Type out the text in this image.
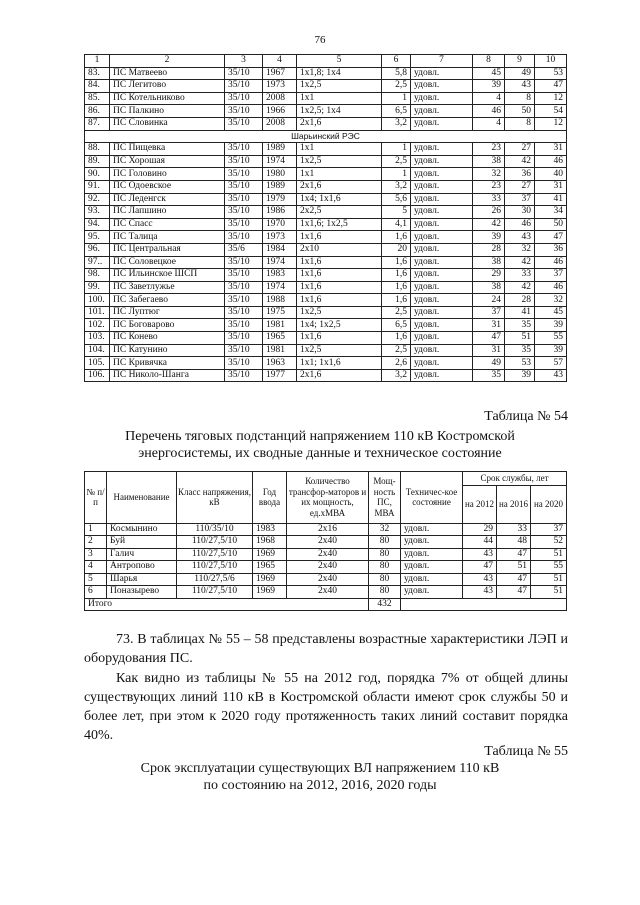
76
1	2	3	4	5	6	7	8	9	10
83.	ПС Матвеево	35/10	1967	1х1,8; 1х4	5,8	удовл.	45	49	53
84.	ПС Легитово	35/10	1973	1х2,5	2,5	удовл.	39	43	47
85.	ПС Котельниково	35/10	2008	1х1	1	удовл.	4	8	12
86.	ПС Палкино	35/10	1966	1х2,5; 1х4	6,5	удовл.	46	50	54
87.	ПС Словинка	35/10	2008	2х1,6	3,2	удовл.	4	8	12
Шарьинский РЭС									
88.	ПС Пищевка	35/10	1989	1х1	1	удовл.	23	27	31
89.	ПС Хорошая	35/10	1974	1х2,5	2,5	удовл.	38	42	46
90.	ПС Головино	35/10	1980	1х1	1	удовл.	32	36	40
91.	ПС Одоевское	35/10	1989	2х1,6	3,2	удовл.	23	27	31
92.	ПС Леденгск	35/10	1979	1х4; 1х1,6	5,6	удовл.	33	37	41
93.	ПС Лапшино	35/10	1986	2х2,5	5	удовл.	26	30	34
94.	ПС Спасс	35/10	1970	1х1,6; 1х2,5	4,1	удовл.	42	46	50
95.	ПС Талица	35/10	1973	1х1,6	1,6	удовл.	39	43	47
96.	ПС Центральная	35/6	1984	2х10	20	удовл.	28	32	36
97..	ПС Соловецкое	35/10	1974	1х1,6	1,6	удовл.	38	42	46
98.	ПС Ильинское ШСП	35/10	1983	1х1,6	1,6	удовл.	29	33	37
99.	ПС Заветлужье	35/10	1974	1х1,6	1,6	удовл.	38	42	46
100.	ПС Забегаево	35/10	1988	1х1,6	1,6	удовл.	24	28	32
101.	ПС Луптюг	35/10	1975	1х2,5	2,5	удовл.	37	41	45
102.	ПС Боговарово	35/10	1981	1х4; 1х2,5	6,5	удовл.	31	35	39
103.	ПС Конево	35/10	1965	1х1,6	1,6	удовл.	47	51	55
104.	ПС Катунино	35/10	1981	1х2,5	2,5	удовл.	31	35	39
105.	ПС Кривячка	35/10	1963	1х1; 1х1,6	2,6	удовл.	49	53	57
106.	ПС Николо-Шанга	35/10	1977	2х1,6	3,2	удовл.	35	39	43
Таблица № 54
Перечень тяговых подстанций напряжением 110 кВ Костромской
энергосистемы, их сводные данные и техническое состояние
№ п/п	Наименование	Класс напряжения, кВ	Год ввода	Количество трансфор-маторов и их мощность, ед.хМВА	Мощ-ность ПС, МВА	Техничес-кое состояние	Срок службы, лет		
							на 2012	на 2016	на 2020
1	Космынино	110/35/10	1983	2х16	32	удовл.	29	33	37
2	Буй	110/27,5/10	1968	2х40	80	удовл.	44	48	52
3	Галич	110/27,5/10	1969	2х40	80	удовл.	43	47	51
4	Антропово	110/27,5/10	1965	2х40	80	удовл.	47	51	55
5	Шарья	110/27,5/6	1969	2х40	80	удовл.	43	47	51
6	Поназырево	110/27,5/10	1969	2х40	80	удовл.	43	47	51
Итого					432				
73. В таблицах № 55 – 58 представлены возрастные характеристики ЛЭП и оборудования ПС.
Как видно из таблицы № 55 на 2012 год, порядка 7% от общей длины существующих линий 110 кВ в Костромской области имеют срок службы 50 и более лет, при этом к 2020 году протяженность таких линий составит порядка 40%.
Таблица № 55
Срок эксплуатации существующих ВЛ напряжением 110 кВ
по состоянию на 2012, 2016, 2020 годы
